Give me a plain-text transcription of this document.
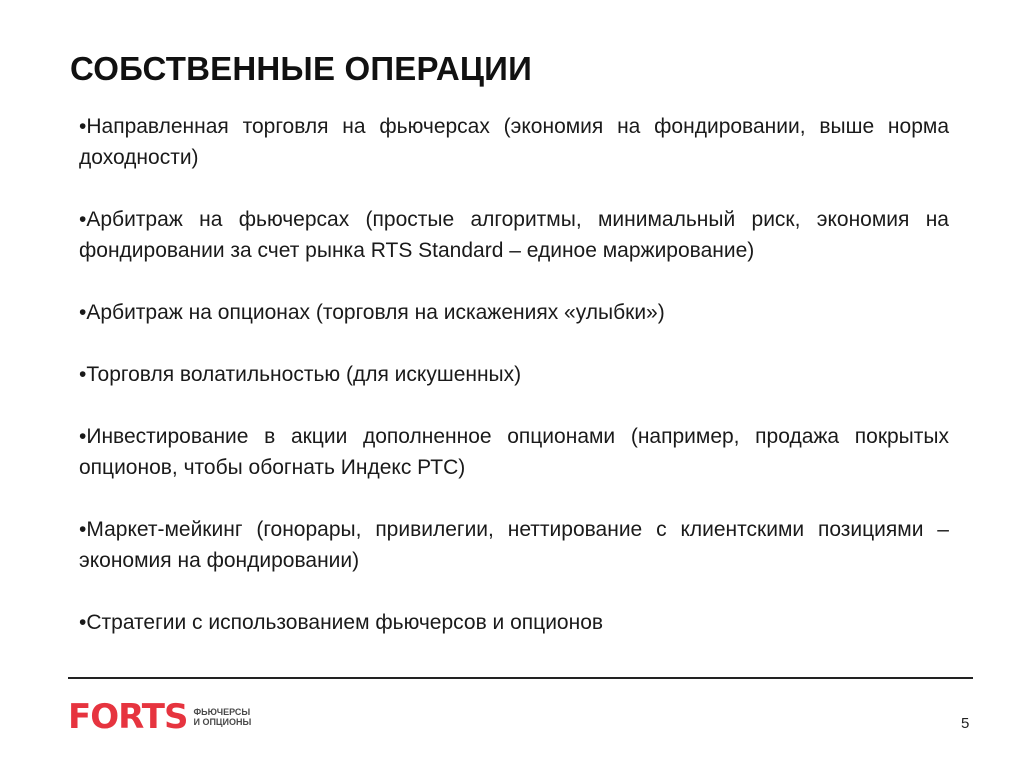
СОБСТВЕННЫЕ ОПЕРАЦИИ
•Направленная торговля на фьючерсах (экономия на фондировании, выше норма доходности)
•Арбитраж на фьючерсах (простые алгоритмы, минимальный риск, экономия на фондировании за счет рынка RTS Standard – единое маржирование)
•Арбитраж на опционах (торговля на искажениях «улыбки»)
•Торговля волатильностью (для искушенных)
•Инвестирование в акции дополненное опционами (например, продажа покрытых опционов, чтобы обогнать Индекс РТС)
•Маркет-мейкинг (гонорары, привилегии, неттирование с клиентскими позициями – экономия на фондировании)
•Стратегии с использованием фьючерсов и опционов
FORTS ФЬЮЧЕРСЫ
И ОПЦИОНЫ	5
